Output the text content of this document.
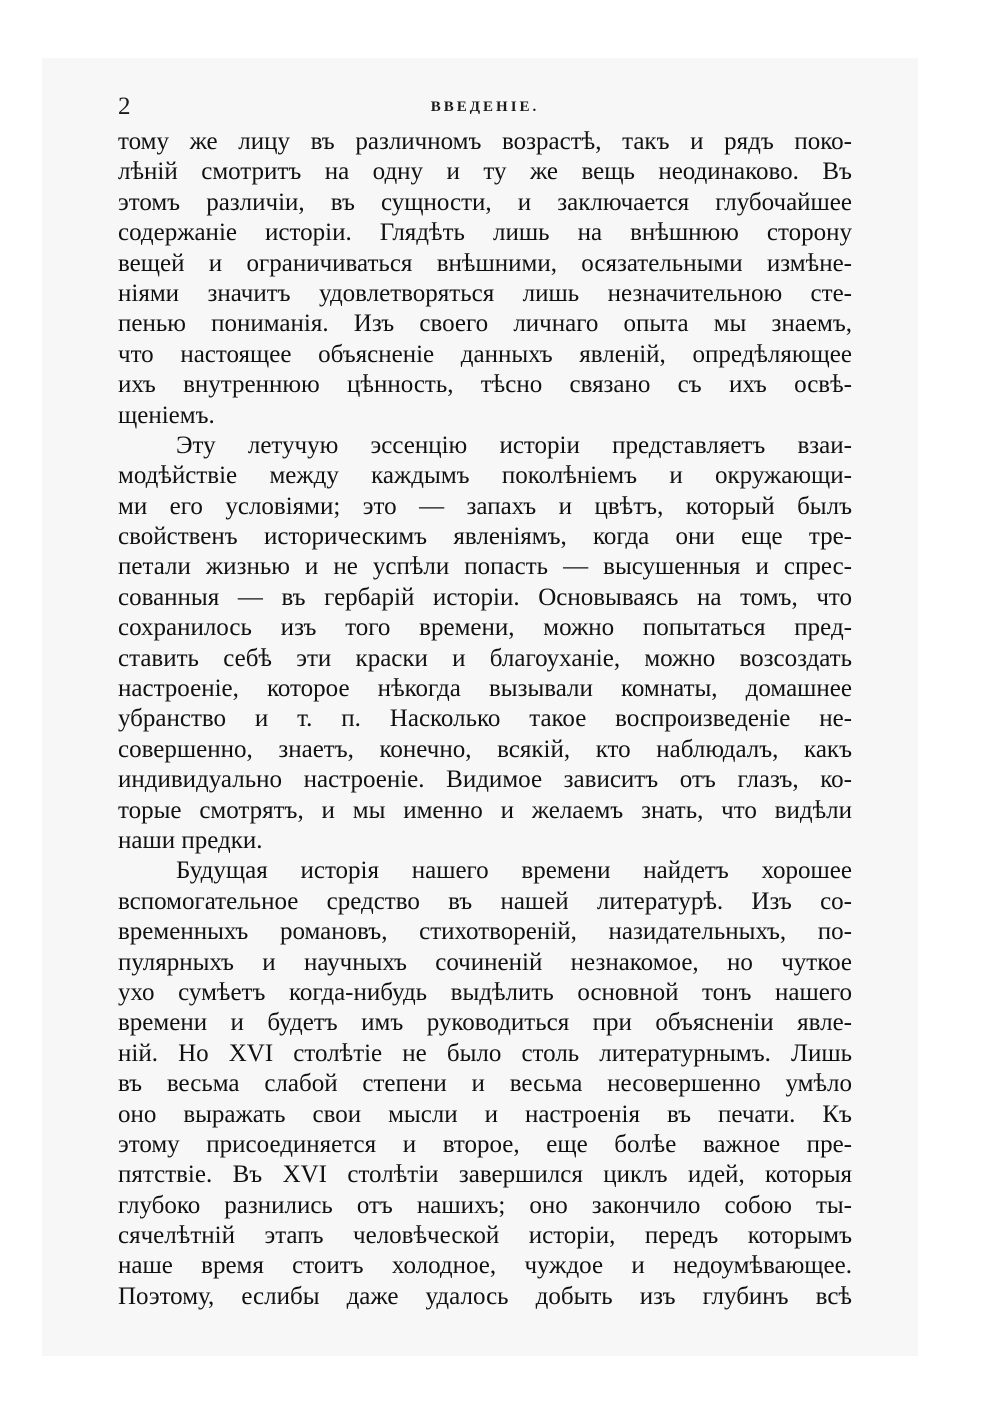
2	ВВЕДЕНIЕ.
тому же лицу въ различномъ возрастѣ, такъ и рядъ поко-
лѣнiй смотритъ на одну и ту же вещь неодинаково. Въ
этомъ различiи, въ сущности, и заключается глубочайшее
содержанiе исторiи. Глядѣть лишь на внѣшнюю сторону
вещей и ограничиваться внѣшними, осязательными измѣне-
нiями значитъ удовлетворяться лишь незначительною сте-
пенью пониманiя. Изъ своего личнаго опыта мы знаемъ,
что настоящее объясненiе данныхъ явленiй, опредѣляющее
ихъ внутреннюю цѣнность, тѣсно связано съ ихъ освѣ-
щенiемъ.
Эту летучую эссенцiю исторiи представляетъ взаи-
модѣйствiе между каждымъ поколѣнiемъ и окружающи-
ми его условiями; это — запахъ и цвѣтъ, который былъ
свойственъ историческимъ явленiямъ, когда они еще тре-
петали жизнью и не успѣли попасть — высушенныя и спрес-
сованныя — въ гербарiй исторiи. Основываясь на томъ, что
сохранилось изъ того времени, можно попытаться пред-
ставить себѣ эти краски и благоуханiе, можно возсоздать
настроенiе, которое нѣкогда вызывали комнаты, домашнее
убранство и т. п. Насколько такое воспроизведенiе не-
совершенно, знаетъ, конечно, всякiй, кто наблюдалъ, какъ
индивидуально настроенiе. Видимое зависитъ отъ глазъ, ко-
торые смотрятъ, и мы именно и желаемъ знать, что видѣли
наши предки.
Будущая исторiя нашего времени найдетъ хорошее
вспомогательное средство въ нашей литературѣ. Изъ со-
временныхъ романовъ, стихотворенiй, назидательныхъ, по-
пулярныхъ и научныхъ сочиненiй незнакомое, но чуткое
ухо сумѣетъ когда-нибудь выдѣлить основной тонъ нашего
времени и будетъ имъ руководиться при объясненiи явле-
нiй. Но XVI столѣтiе не было столь литературнымъ. Лишь
въ весьма слабой степени и весьма несовершенно умѣло
оно выражать свои мысли и настроенiя въ печати. Къ
этому присоединяется и второе, еще болѣе важное пре-
пятствiе. Въ XVI столѣтiи завершился циклъ идей, которыя
глубоко разнились отъ нашихъ; оно закончило собою ты-
сячелѣтнiй этапъ человѣческой исторiи, передъ которымъ
наше время стоитъ холодное, чуждое и недоумѣвающее.
Поэтому, еслибы даже удалось добыть изъ глубинъ всѣ
